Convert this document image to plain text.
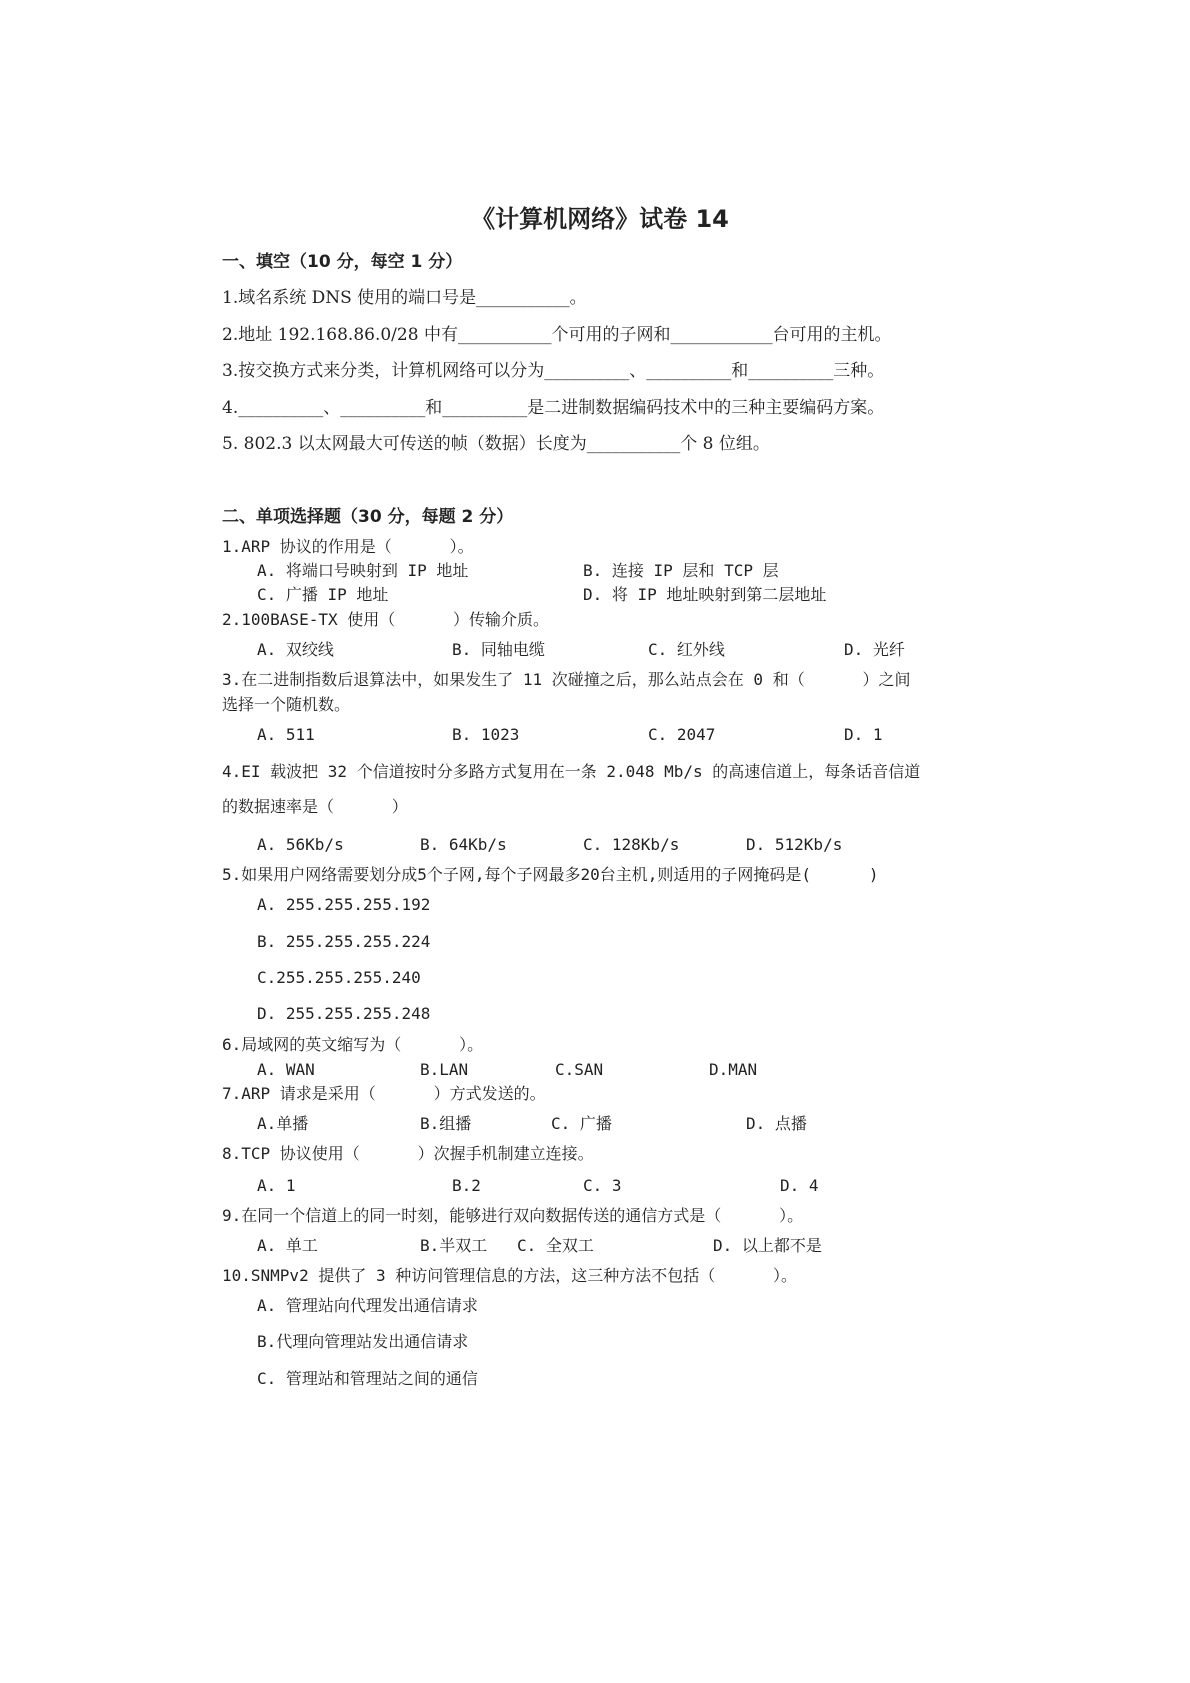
《计算机网络》试卷 14
一、填空（10 分，每空 1 分）
1.域名系统 DNS 使用的端口号是___________。
2.地址 192.168.86.0/28 中有___________个可用的子网和____________台可用的主机。
3.按交换方式来分类，计算机网络可以分为__________、__________和__________三种。
4.__________、__________和__________是二进制数据编码技术中的三种主要编码方案。
5. 802.3 以太网最大可传送的帧（数据）长度为___________个 8 位组。
二、单项选择题（30 分，每题 2 分）
1.ARP 协议的作用是（      ）。
A. 将端口号映射到 IP 地址	B. 连接 IP 层和 TCP 层
C. 广播 IP 地址	D. 将 IP 地址映射到第二层地址
2.100BASE-TX 使用（      ）传输介质。
A. 双绞线	B. 同轴电缆	C. 红外线	D. 光纤
3.在二进制指数后退算法中，如果发生了 11 次碰撞之后，那么站点会在 0 和（      ）之间
选择一个随机数。
A. 511	B. 1023	C. 2047	D. 1
4.EI 载波把 32 个信道按时分多路方式复用在一条 2.048 Mb/s 的高速信道上，每条话音信道
的数据速率是（      ）
A. 56Kb/s	B. 64Kb/s	C. 128Kb/s	D. 512Kb/s
5.如果用户网络需要划分成5个子网,每个子网最多20台主机,则适用的子网掩码是(      )
A. 255.255.255.192
B. 255.255.255.224
C.255.255.255.240
D. 255.255.255.248
6.局域网的英文缩写为（      ）。
A. WAN	B.LAN	C.SAN	D.MAN
7.ARP 请求是采用（      ）方式发送的。
A.单播	B.组播	C. 广播	D. 点播
8.TCP 协议使用（      ）次握手机制建立连接。
A. 1	B.2	C. 3	D. 4
9.在同一个信道上的同一时刻，能够进行双向数据传送的通信方式是（      ）。
A. 单工	B.半双工 C. 全双工	D. 以上都不是
10.SNMPv2 提供了 3 种访问管理信息的方法，这三种方法不包括（      ）。
A. 管理站向代理发出通信请求
B.代理向管理站发出通信请求
C. 管理站和管理站之间的通信
